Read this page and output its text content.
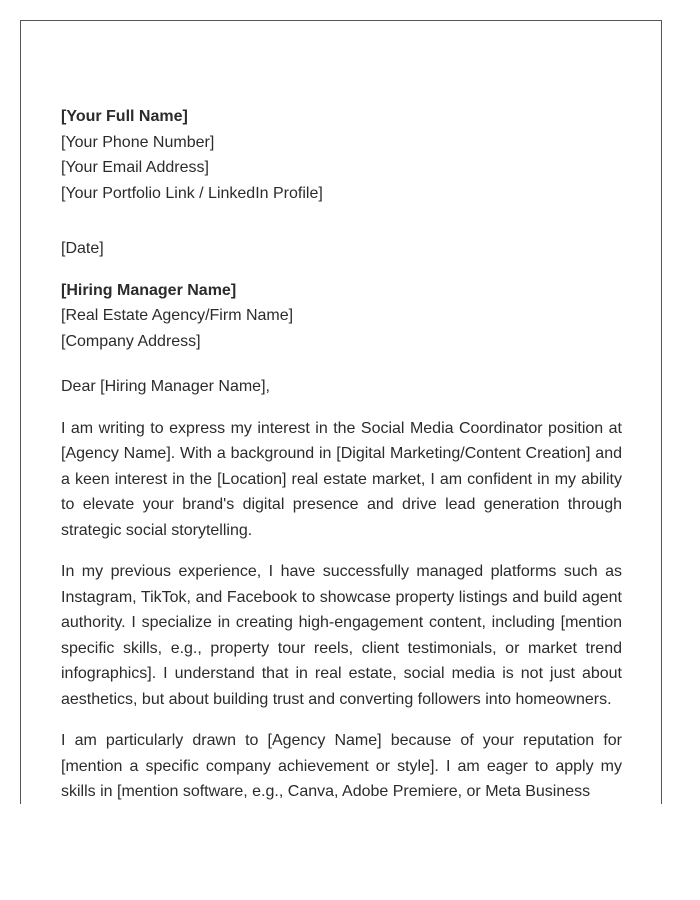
[Your Full Name]
[Your Phone Number]
[Your Email Address]
[Your Portfolio Link / LinkedIn Profile]
[Date]
[Hiring Manager Name]
[Real Estate Agency/Firm Name]
[Company Address]
Dear [Hiring Manager Name],

I am writing to express my interest in the Social Media Coordinator position at [Agency Name]. With a background in [Digital Marketing/Content Creation] and a keen interest in the [Location] real estate market, I am confident in my ability to elevate your brand's digital presence and drive lead generation through strategic social storytelling.

In my previous experience, I have successfully managed platforms such as Instagram, TikTok, and Facebook to showcase property listings and build agent authority. I specialize in creating high-engagement content, including [mention specific skills, e.g., property tour reels, client testimonials, or market trend infographics]. I understand that in real estate, social media is not just about aesthetics, but about building trust and converting followers into homeowners.

I am particularly drawn to [Agency Name] because of your reputation for [mention a specific company achievement or style]. I am eager to apply my skills in [mention software, e.g., Canva, Adobe Premiere, or Meta Business
